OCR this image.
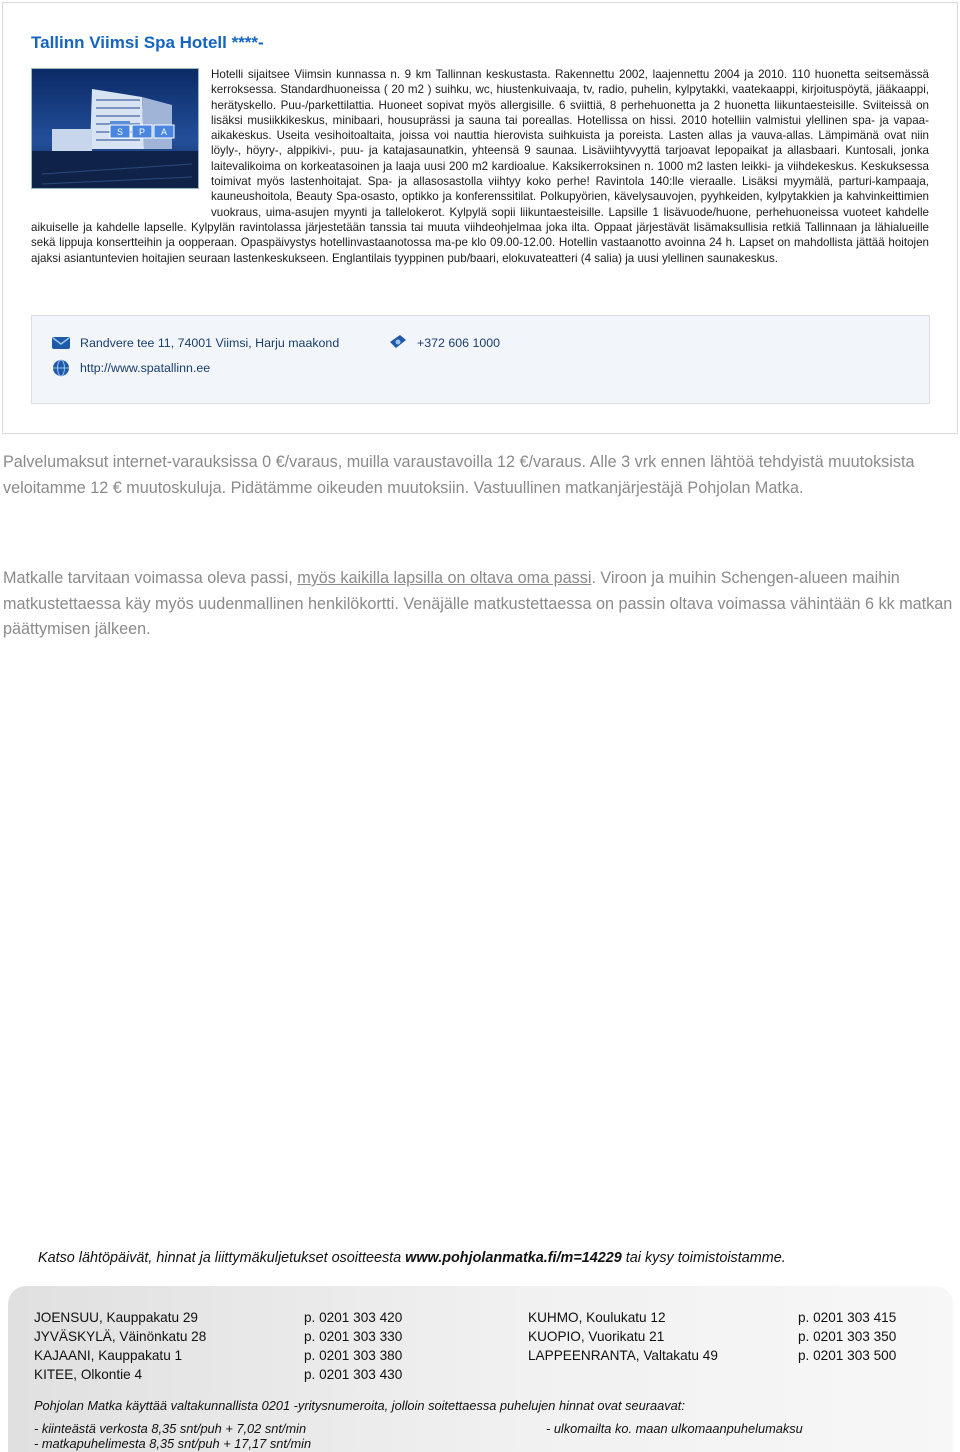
Tallinn Viimsi Spa Hotell ****-
Hotelli sijaitsee Viimsin kunnassa n. 9 km Tallinnan keskustasta. Rakennettu 2002, laajennettu 2004 ja 2010. 110 huonetta seitsemässä kerroksessa. Standardhuoneissa ( 20 m2 ) suihku, wc, hiustenkuivaaja, tv, radio, puhelin, kylpytakki, vaatekaappi, kirjoituspöytä, jääkaappi, herätyskello. Puu-/parkettilattia. Huoneet sopivat myös allergisille. 6 sviittiä, 8 perhehuonetta ja 2 huonetta liikuntaesteisille. Sviiteissä on lisäksi musiikkikeskus, minibaari, housuprässi ja sauna tai poreallas. Hotellissa on hissi. 2010 hotelliin valmistui ylellinen spa- ja vapaa-aikakeskus. Useita vesihoitoaltaita, joissa voi nauttia hierovista suihkuista ja poreista. Lasten allas ja vauva-allas. Lämpimänä ovat niin löyly-, höyry-, alppikivi-, puu- ja katajasaunatkin, yhteensä 9 saunaa. Lisäviihtyvyyttä tarjoavat lepopaikat ja allasbaari. Kuntosali, jonka laitevalikoima on korkeatasoinen ja laaja uusi 200 m2 kardioalue. Kaksikerroksinen n. 1000 m2 lasten leikki- ja viihdekeskus. Keskuksessa toimivat myös lastenhoitajat. Spa- ja allasosastolla viihtyy koko perhe! Ravintola 140:lle vieraalle. Lisäksi myymälä, parturi-kampaaja, kauneushoitola, Beauty Spa-osasto, optikko ja konferenssitilat. Polkupyörien, kävelysauvojen, pyyhkeiden, kylpytakkien ja kahvinkeittimien vuokraus, uima-asujen myynti ja tallelokerot. Kylpylä sopii liikuntaesteisille. Lapsille 1 lisävuode/huone, perhehuoneissa vuoteet kahdelle aikuiselle ja kahdelle lapselle. Kylpylän ravintolassa järjestetään tanssia tai muuta viihdeohjelmaa joka ilta. Oppaat järjestävät lisämaksullisia retkiä Tallinnaan ja lähialueille sekä lippuja konsertteihin ja oopperaan. Opaspäivystys hotellinvastaanotossa ma-pe klo 09.00-12.00. Hotellin vastaanotto avoinna 24 h. Lapset on mahdollista jättää hoitojen ajaksi asiantuntevien hoitajien seuraan lastenkeskukseen. Englantilais tyyppinen pub/baari, elokuvateatteri (4 salia) ja uusi ylellinen saunakeskus.
S P A
Randvere tee 11, 74001 Viimsi, Harju maakond	+372 606 1000
http://www.spatallinn.ee
Palvelumaksut internet-varauksissa 0 €/varaus, muilla varaustavoilla 12 €/varaus. Alle 3 vrk ennen lähtöä tehdyistä muutoksista veloitamme 12 € muutoskuluja. Pidätämme oikeuden muutoksiin. Vastuullinen matkanjärjestäjä Pohjolan Matka.
Matkalle tarvitaan voimassa oleva passi, myös kaikilla lapsilla on oltava oma passi. Viroon ja muihin Schengen-alueen maihin matkustettaessa käy myös uudenmallinen henkilökortti. Venäjälle matkustettaessa on passin oltava voimassa vähintään 6 kk matkan päättymisen jälkeen.
Katso lähtöpäivät, hinnat ja liittymäkuljetukset osoitteesta www.pohjolanmatka.fi/m=14229 tai kysy toimistoistamme.
JOENSUU, Kauppakatu 29	p. 0201 303 420
JYVÄSKYLÄ, Väinönkatu 28	p. 0201 303 330
KAJAANI, Kauppakatu 1	p. 0201 303 380
KITEE, Olkontie 4	p. 0201 303 430
KUHMO, Koulukatu 12	p. 0201 303 415
KUOPIO, Vuorikatu 21	p. 0201 303 350
LAPPEENRANTA, Valtakatu 49	p. 0201 303 500
Pohjolan Matka käyttää valtakunnallista 0201 -yritysnumeroita, jolloin soitettaessa puhelujen hinnat ovat seuraavat:
- kiinteästä verkosta 8,35 snt/puh + 7,02 snt/min
- matkapuhelimesta 8,35 snt/puh + 17,17 snt/min
- ulkomailta ko. maan ulkomaanpuhelumaksu
